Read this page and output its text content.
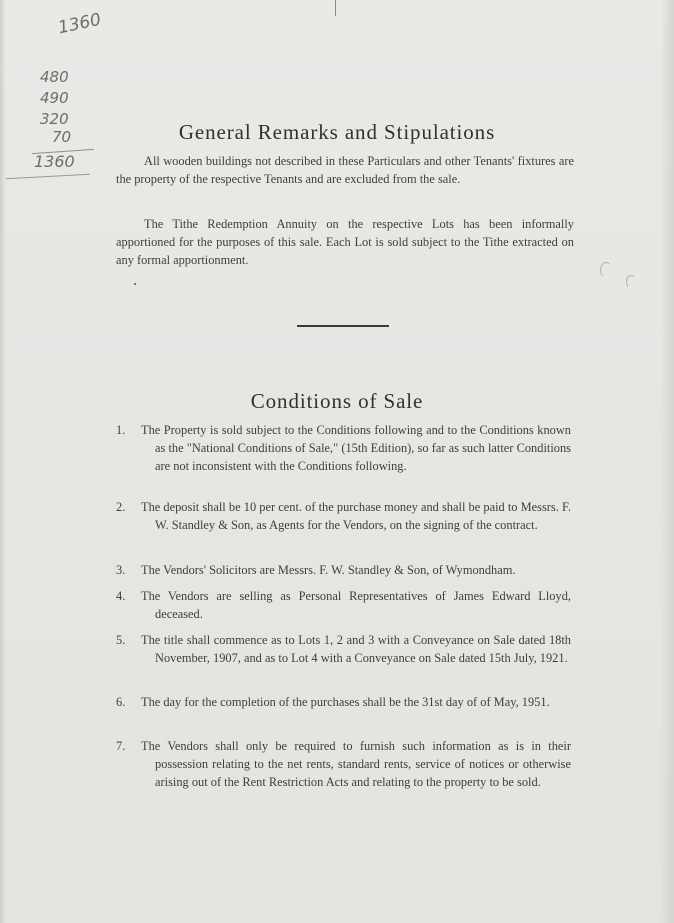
1360
480
490
320
70
1360
General Remarks and Stipulations
All wooden buildings not described in these Particulars and other Tenants' fixtures are the property of the respective Tenants and are excluded from the sale.
The Tithe Redemption Annuity on the respective Lots has been informally apportioned for the purposes of this sale. Each Lot is sold subject to the Tithe extracted on any formal apportionment.
Conditions of Sale
1. The Property is sold subject to the Conditions following and to the Conditions known as the "National Conditions of Sale," (15th Edition), so far as such latter Conditions are not inconsistent with the Conditions following.
2. The deposit shall be 10 per cent. of the purchase money and shall be paid to Messrs. F. W. Standley & Son, as Agents for the Vendors, on the signing of the contract.
3. The Vendors' Solicitors are Messrs. F. W. Standley & Son, of Wymondham.
4. The Vendors are selling as Personal Representatives of James Edward Lloyd, deceased.
5. The title shall commence as to Lots 1, 2 and 3 with a Conveyance on Sale dated 18th November, 1907, and as to Lot 4 with a Conveyance on Sale dated 15th July, 1921.
6. The day for the completion of the purchases shall be the 31st day of of May, 1951.
7. The Vendors shall only be required to furnish such information as is in their possession relating to the net rents, standard rents, service of notices or otherwise arising out of the Rent Restriction Acts and relating to the property to be sold.
